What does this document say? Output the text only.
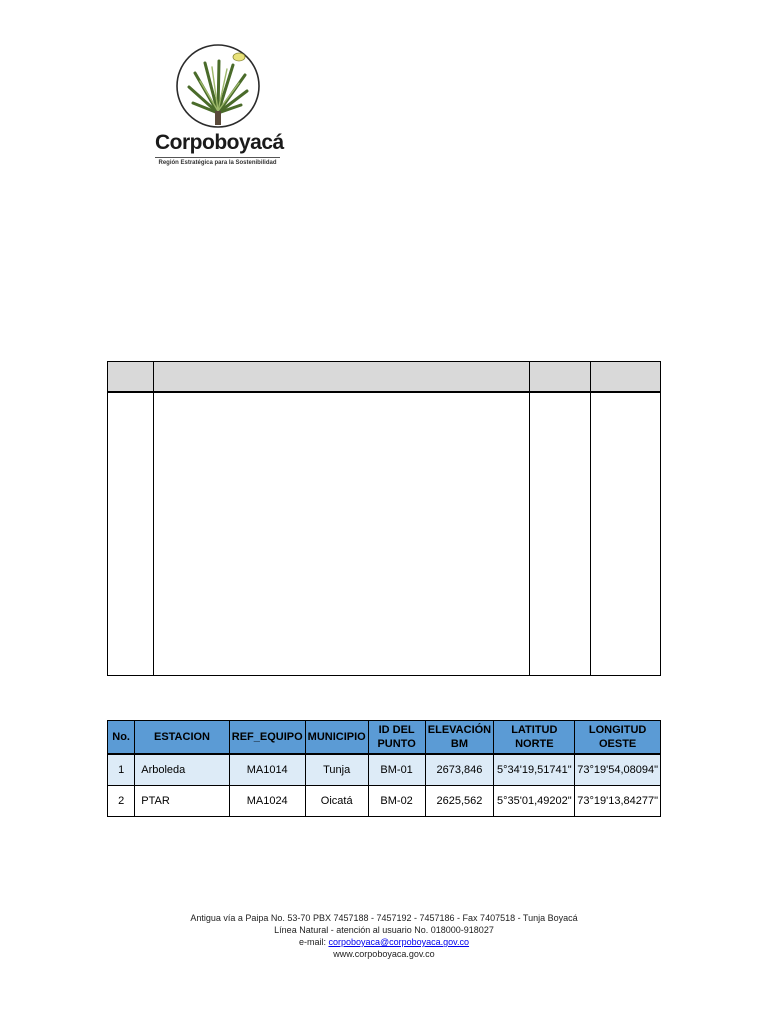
Corpoboyacá
Región Estratégica para la Sostenibilidad

No.	ESTACION	REF_EQUIPO	MUNICIPIO	ID DEL PUNTO	ELEVACIÓN BM	LATITUD NORTE	LONGITUD OESTE
1	Arboleda	MA1014	Tunja	BM-01	2673,846	5°34'19,51741"	73°19'54,08094"
2	PTAR	MA1024	Oicatá	BM-02	2625,562	5°35'01,49202"	73°19'13,84277"
Antigua vía a Paipa No. 53-70 PBX 7457188 - 7457192 - 7457186 - Fax 7407518 - Tunja Boyacá
Línea Natural - atención al usuario No. 018000-918027
e-mail: corpoboyaca@corpoboyaca.gov.co
www.corpoboyaca.gov.co
